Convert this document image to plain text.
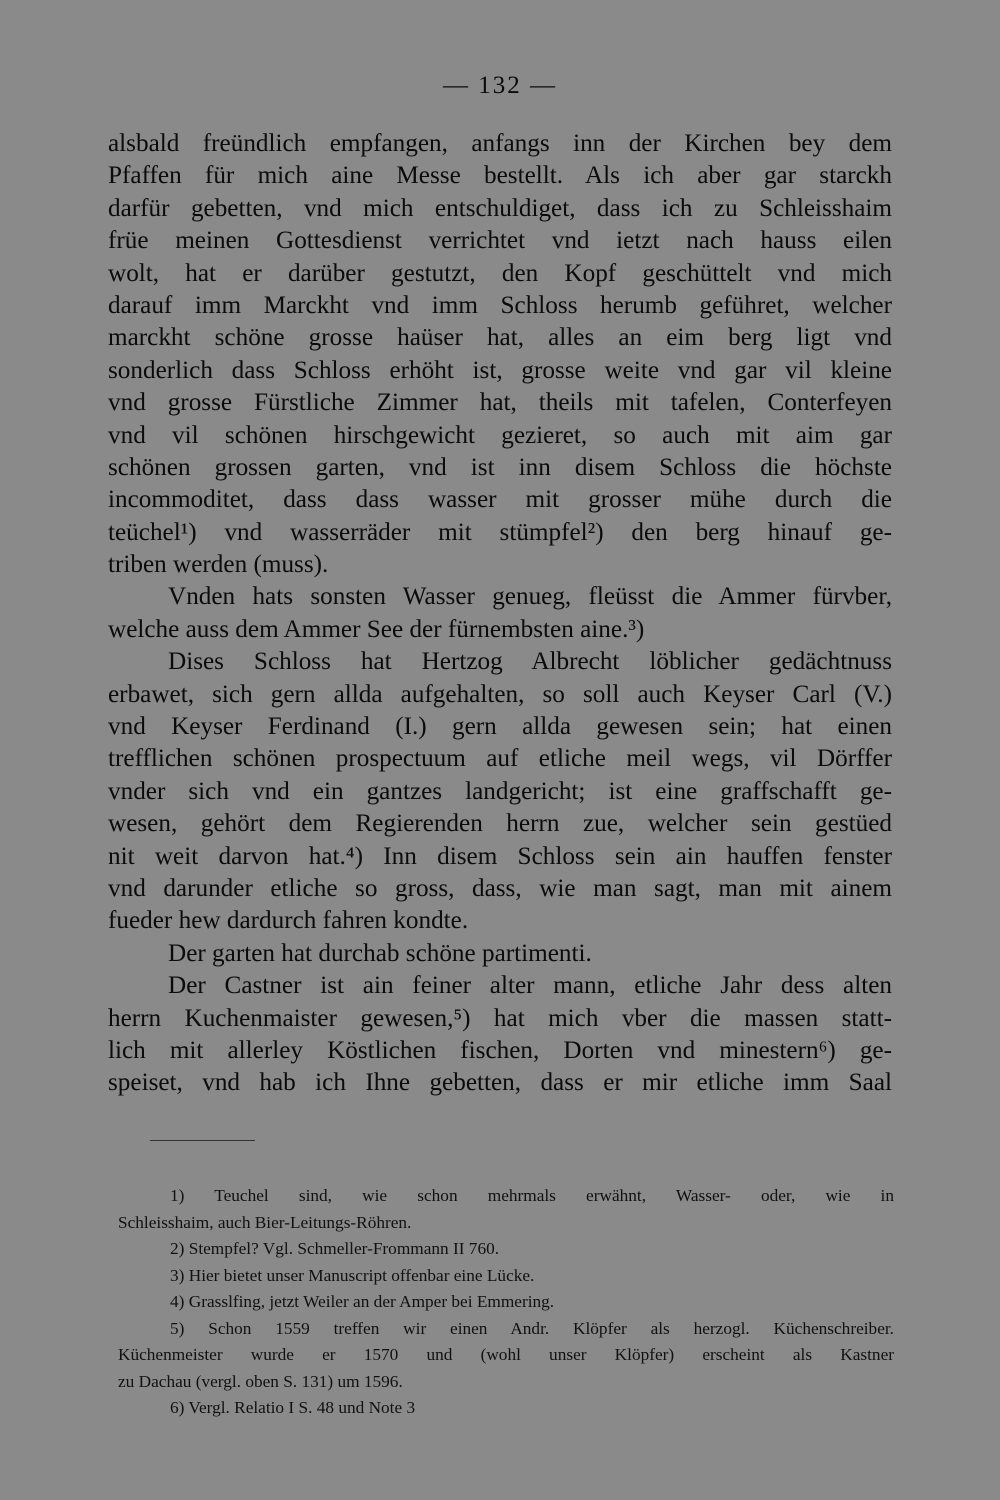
— 132 —
alsbald freündlich empfangen, anfangs inn der Kirchen bey dem
Pfaffen für mich aine Messe bestellt. Als ich aber gar starckh
darfür gebetten, vnd mich entschuldiget, dass ich zu Schleisshaim
früe meinen Gottesdienst verrichtet vnd ietzt nach hauss eilen
wolt, hat er darüber gestutzt, den Kopf geschüttelt vnd mich
darauf imm Marckht vnd imm Schloss herumb geführet, welcher
marckht schöne grosse haüser hat, alles an eim berg ligt vnd
sonderlich dass Schloss erhöht ist, grosse weite vnd gar vil kleine
vnd grosse Fürstliche Zimmer hat, theils mit tafelen, Conterfeyen
vnd vil schönen hirschgewicht gezieret, so auch mit aim gar
schönen grossen garten, vnd ist inn disem Schloss die höchste
incommoditet, dass dass wasser mit grosser mühe durch die
teüchel¹) vnd wasserräder mit stümpfel²) den berg hinauf ge-
triben werden (muss).
Vnden hats sonsten Wasser genueg, fleüsst die Ammer fürvber,
welche auss dem Ammer See der fürnembsten aine.³)
Dises Schloss hat Hertzog Albrecht löblicher gedächtnuss
erbawet, sich gern allda aufgehalten, so soll auch Keyser Carl (V.)
vnd Keyser Ferdinand (I.) gern allda gewesen sein; hat einen
trefflichen schönen prospectuum auf etliche meil wegs, vil Dörffer
vnder sich vnd ein gantzes landgericht; ist eine graffschafft ge-
wesen, gehört dem Regierenden herrn zue, welcher sein gestüed
nit weit darvon hat.⁴) Inn disem Schloss sein ain hauffen fenster
vnd darunder etliche so gross, dass, wie man sagt, man mit ainem
fueder hew dardurch fahren kondte.
Der garten hat durchab schöne partimenti.
Der Castner ist ain feiner alter mann, etliche Jahr dess alten
herrn Kuchenmaister gewesen,⁵) hat mich vber die massen statt-
lich mit allerley Köstlichen fischen, Dorten vnd minestern⁶) ge-
speiset, vnd hab ich Ihne gebetten, dass er mir etliche imm Saal
1) Teuchel sind, wie schon mehrmals erwähnt, Wasser- oder, wie in
Schleisshaim, auch Bier-Leitungs-Röhren.
2) Stempfel? Vgl. Schmeller-Frommann II 760.
3) Hier bietet unser Manuscript offenbar eine Lücke.
4) Grasslfing, jetzt Weiler an der Amper bei Emmering.
5) Schon 1559 treffen wir einen Andr. Klöpfer als herzogl. Küchenschreiber.
Küchenmeister wurde er 1570 und (wohl unser Klöpfer) erscheint als Kastner
zu Dachau (vergl. oben S. 131) um 1596.
6) Vergl. Relatio I S. 48 und Note 3
